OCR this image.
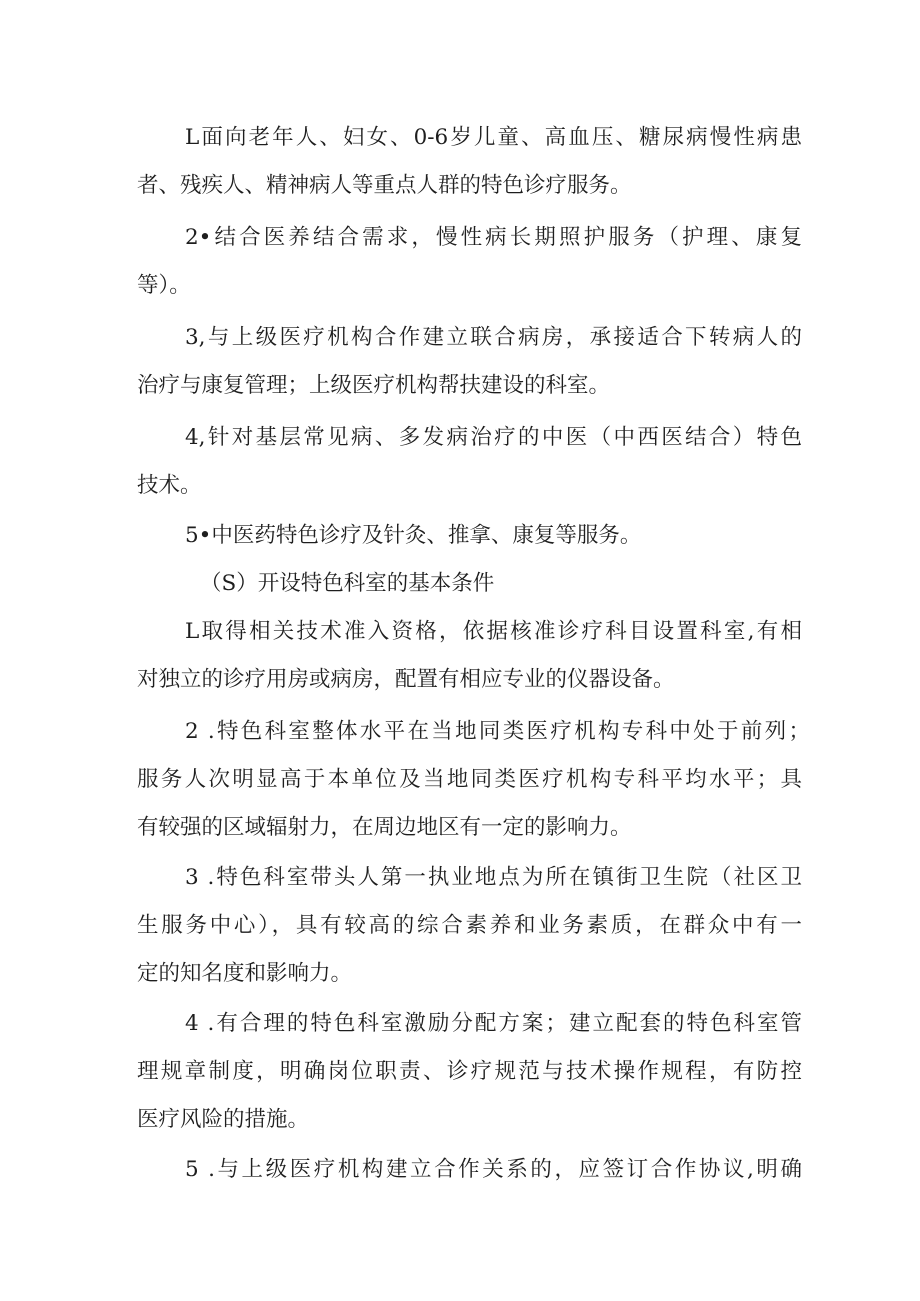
L面向老年人、妇女、0-6岁儿童、高血压、糖尿病慢性病患
者、残疾人、精神病人等重点人群的特色诊疗服务。
2•结合医养结合需求，慢性病长期照护服务（护理、康复
等）。
3,与上级医疗机构合作建立联合病房，承接适合下转病人的
治疗与康复管理；上级医疗机构帮扶建设的科室。
4,针对基层常见病、多发病治疗的中医（中西医结合）特色
技术。
5•中医药特色诊疗及针灸、推拿、康复等服务。
（S）开设特色科室的基本条件
L取得相关技术准入资格，依据核准诊疗科目设置科室,有相
对独立的诊疗用房或病房，配置有相应专业的仪器设备。
2 .特色科室整体水平在当地同类医疗机构专科中处于前列；
服务人次明显高于本单位及当地同类医疗机构专科平均水平；具
有较强的区域辐射力，在周边地区有一定的影响力。
3 .特色科室带头人第一执业地点为所在镇街卫生院（社区卫
生服务中心），具有较高的综合素养和业务素质，在群众中有一
定的知名度和影响力。
4 .有合理的特色科室激励分配方案；建立配套的特色科室管
理规章制度，明确岗位职责、诊疗规范与技术操作规程，有防控
医疗风险的措施。
5 .与上级医疗机构建立合作关系的，应签订合作协议,明确
